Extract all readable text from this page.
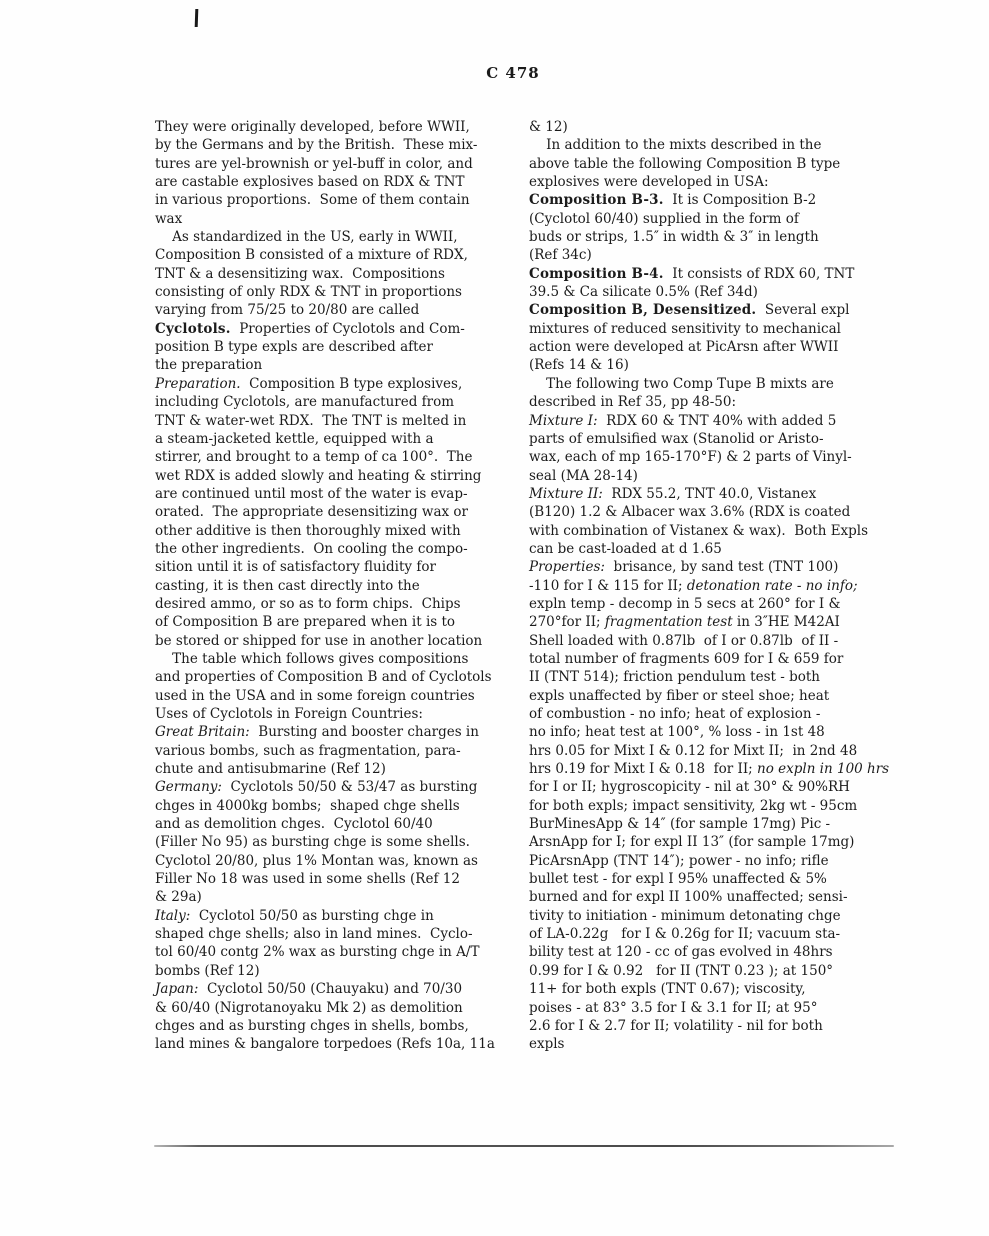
C 478
They were originally developed, before WWII,
by the Germans and by the British.  These mix-
tures are yel-brownish or yel-buff in color, and
are castable explosives based on RDX & TNT
in various proportions.  Some of them contain
wax
As standardized in the US, early in WWII,
Composition B consisted of a mixture of RDX,
TNT & a desensitizing wax.  Compositions
consisting of only RDX & TNT in proportions
varying from 75/25 to 20/80 are called
Cyclotols.  Properties of Cyclotols and Com-
position B type expls are described after
the preparation
Preparation.  Composition B type explosives,
including Cyclotols, are manufactured from
TNT & water-wet RDX.  The TNT is melted in
a steam-jacketed kettle, equipped with a
stirrer, and brought to a temp of ca 100°.  The
wet RDX is added slowly and heating & stirring
are continued until most of the water is evap-
orated.  The appropriate desensitizing wax or
other additive is then thoroughly mixed with
the other ingredients.  On cooling the compo-
sition until it is of satisfactory fluidity for
casting, it is then cast directly into the
desired ammo, or so as to form chips.  Chips
of Composition B are prepared when it is to
be stored or shipped for use in another location
The table which follows gives compositions
and properties of Composition B and of Cyclotols
used in the USA and in some foreign countries
Uses of Cyclotols in Foreign Countries:
Great Britain:  Bursting and booster charges in
various bombs, such as fragmentation, para-
chute and antisubmarine (Ref 12)
Germany:  Cyclotols 50/50 & 53/47 as bursting
chges in 4000kg bombs;  shaped chge shells
and as demolition chges.  Cyclotol 60/40
(Filler No 95) as bursting chge is some shells.
Cyclotol 20/80, plus 1% Montan was, known as
Filler No 18 was used in some shells (Ref 12
& 29a)
Italy:  Cyclotol 50/50 as bursting chge in
shaped chge shells; also in land mines.  Cyclo-
tol 60/40 contg 2% wax as bursting chge in A/T
bombs (Ref 12)
Japan:  Cyclotol 50/50 (Chauyaku) and 70/30
& 60/40 (Nigrotanoyaku Mk 2) as demolition
chges and as bursting chges in shells, bombs,
land mines & bangalore torpedoes (Refs 10a, 11a
& 12)
In addition to the mixts described in the
above table the following Composition B type
explosives were developed in USA:
Composition B-3.  It is Composition B-2
(Cyclotol 60/40) supplied in the form of
buds or strips, 1.5″ in width & 3″ in length
(Ref 34c)
Composition B-4.  It consists of RDX 60, TNT
39.5 & Ca silicate 0.5% (Ref 34d)
Composition B, Desensitized.  Several expl
mixtures of reduced sensitivity to mechanical
action were developed at PicArsn after WWII
(Refs 14 & 16)
The following two Comp Tupe B mixts are
described in Ref 35, pp 48-50:
Mixture I:  RDX 60 & TNT 40% with added 5
parts of emulsified wax (Stanolid or Aristo-
wax, each of mp 165-170°F) & 2 parts of Vinyl-
seal (MA 28-14)
Mixture II:  RDX 55.2, TNT 40.0, Vistanex
(B120) 1.2 & Albacer wax 3.6% (RDX is coated
with combination of Vistanex & wax).  Both Expls
can be cast-loaded at d 1.65
Properties:  brisance, by sand test (TNT 100)
-110 for I & 115 for II; detonation rate - no info;
expln temp - decomp in 5 secs at 260° for I &
270°for II; fragmentation test in 3″HE M42AI
Shell loaded with 0.87lb  of I or 0.87lb  of II -
total number of fragments 609 for I & 659 for
II (TNT 514); friction pendulum test - both
expls unaffected by fiber or steel shoe; heat
of combustion - no info; heat of explosion -
no info; heat test at 100°, % loss - in 1st 48
hrs 0.05 for Mixt I & 0.12 for Mixt II;  in 2nd 48
hrs 0.19 for Mixt I & 0.18  for II; no expln in 100 hrs
for I or II; hygroscopicity - nil at 30° & 90%RH
for both expls; impact sensitivity, 2kg wt - 95cm
BurMinesApp & 14″ (for sample 17mg) Pic -
ArsnApp for I; for expl II 13″ (for sample 17mg)
PicArsnApp (TNT 14″); power - no info; rifle
bullet test - for expl I 95% unaffected & 5%
burned and for expl II 100% unaffected; sensi-
tivity to initiation - minimum detonating chge
of LA-0.22g   for I & 0.26g for II; vacuum sta-
bility test at 120 - cc of gas evolved in 48hrs
0.99 for I & 0.92   for II (TNT 0.23 ); at 150°
11+ for both expls (TNT 0.67); viscosity,
poises - at 83° 3.5 for I & 3.1 for II; at 95°
2.6 for I & 2.7 for II; volatility - nil for both
expls
